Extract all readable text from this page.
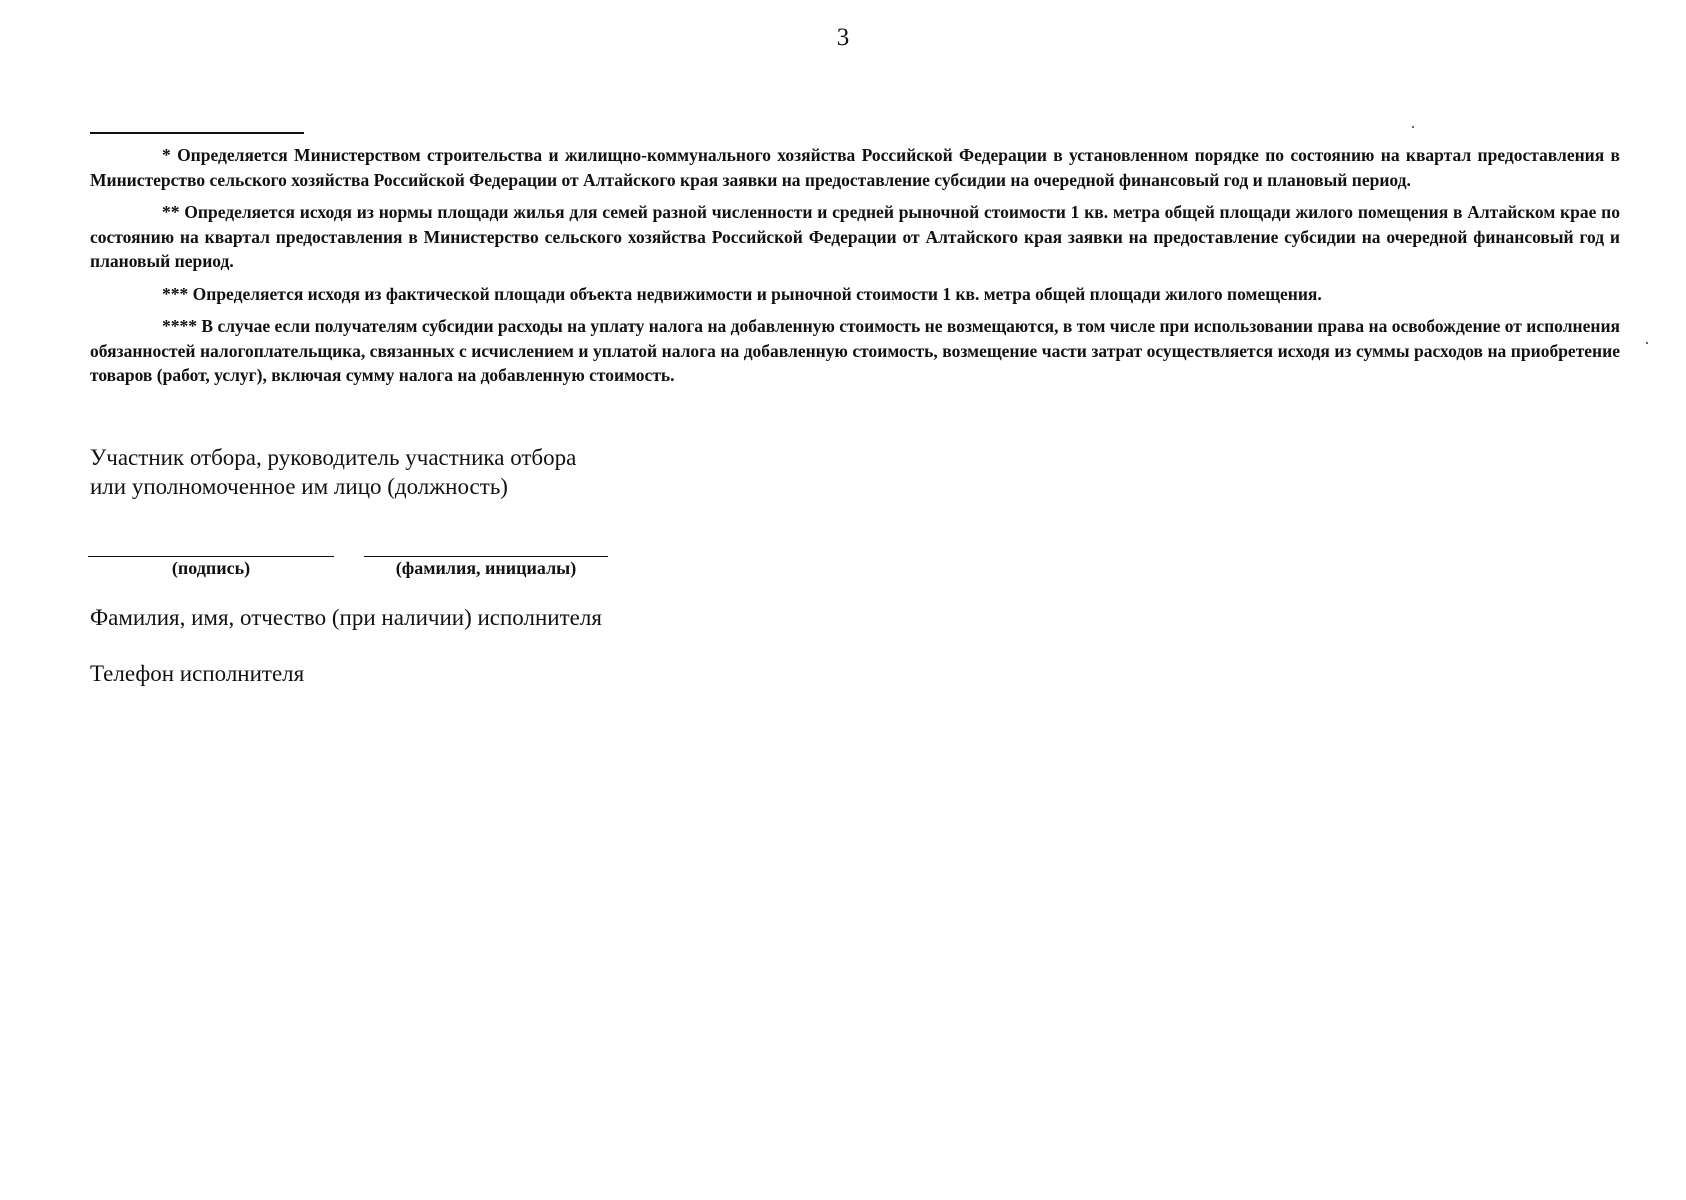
3

* Определяется Министерством строительства и жилищно-коммунального хозяйства Российской Федерации в установленном порядке по состоянию на квартал предоставления в Министерство сельского хозяйства Российской Федерации от Алтайского края заявки на предоставление субсидии на очередной финансовый год и плановый период.

** Определяется исходя из нормы площади жилья для семей разной численности и средней рыночной стоимости 1 кв. метра общей площади жилого помещения в Алтайском крае по состоянию на квартал предоставления в Министерство сельского хозяйства Российской Федерации от Алтайского края заявки на предоставление субсидии на очередной финансовый год и плановый период.

*** Определяется исходя из фактической площади объекта недвижимости и рыночной стоимости 1 кв. метра общей площади жилого помещения.

**** В случае если получателям субсидии расходы на уплату налога на добавленную стоимость не возмещаются, в том числе при использовании права на освобождение от исполнения обязанностей налогоплательщика, связанных с исчислением и уплатой налога на добавленную стоимость, возмещение части затрат осуществляется исходя из суммы расходов на приобретение товаров (работ, услуг), включая сумму налога на добавленную стоимость.

Участник отбора, руководитель участника отбора
или уполномоченное им лицо (должность)
(подпись)	(фамилия, инициалы)
Фамилия, имя, отчество (при наличии) исполнителя
Телефон исполнителя
